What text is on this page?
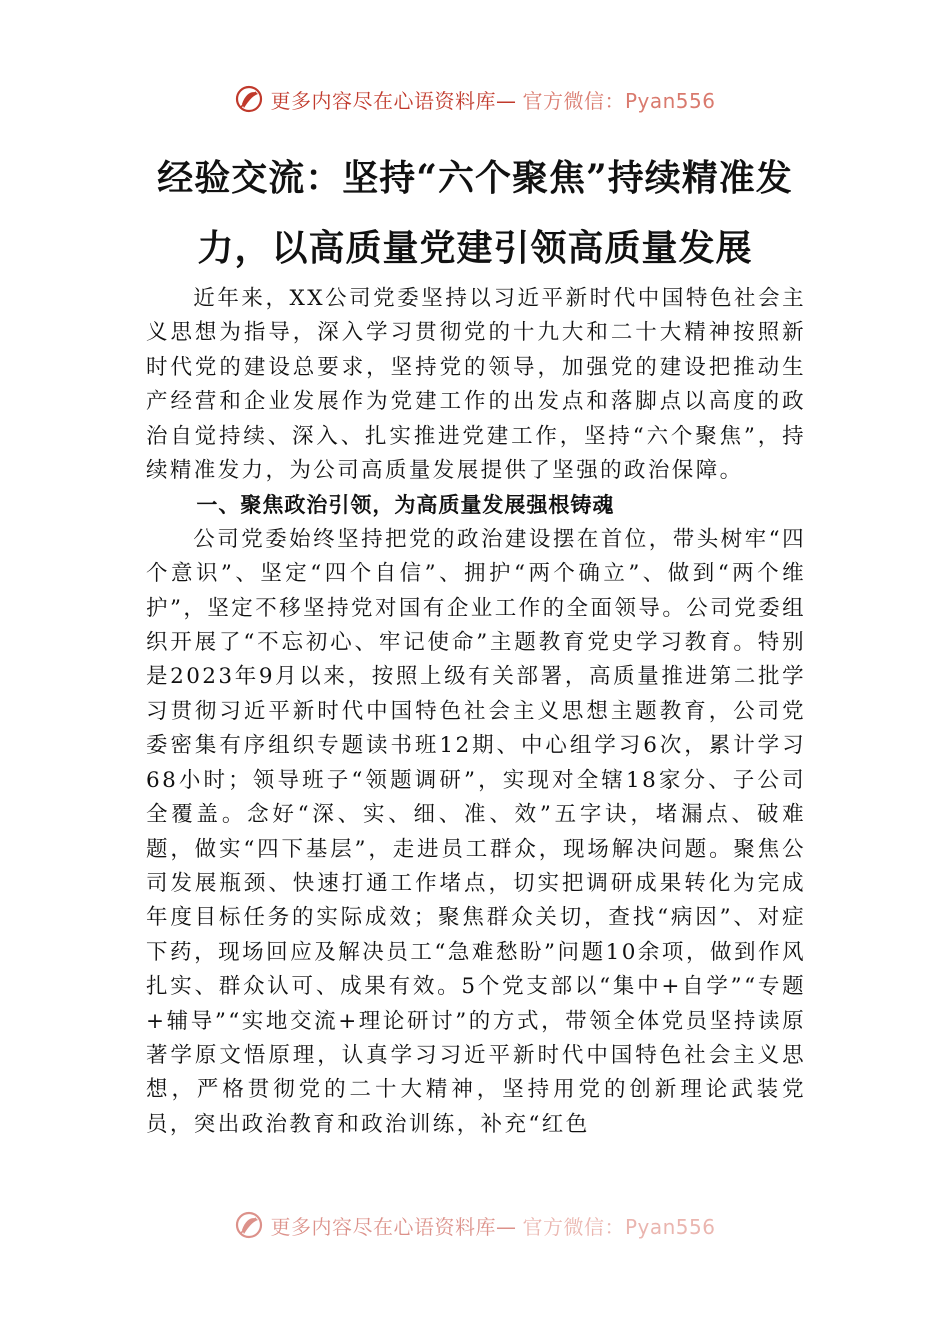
更多内容尽在心语资料库— 官方微信：Pyan556
经验交流：坚持“六个聚焦”持续精准发
力，以高质量党建引领高质量发展

近年来，XX公司党委坚持以习近平新时代中国特色社会主义思想为指导，深入学习贯彻党的十九大和二十大精神按照新时代党的建设总要求，坚持党的领导，加强党的建设把推动生产经营和企业发展作为党建工作的出发点和落脚点以高度的政治自觉持续、深入、扎实推进党建工作，坚持“六个聚焦”，持续精准发力，为公司高质量发展提供了坚强的政治保障。

一、聚焦政治引领，为高质量发展强根铸魂

公司党委始终坚持把党的政治建设摆在首位，带头树牢“四个意识”、坚定“四个自信”、拥护“两个确立”、做到“两个维护”，坚定不移坚持党对国有企业工作的全面领导。公司党委组织开展了“不忘初心、牢记使命”主题教育党史学习教育。特别是2023年9月以来，按照上级有关部署，高质量推进第二批学习贯彻习近平新时代中国特色社会主义思想主题教育，公司党委密集有序组织专题读书班12期、中心组学习6次，累计学习68小时；领导班子“领题调研”，实现对全辖18家分、子公司全覆盖。念好“深、实、细、准、效”五字诀，堵漏点、破难题，做实“四下基层”，走进员工群众，现场解决问题。聚焦公司发展瓶颈、快速打通工作堵点，切实把调研成果转化为完成年度目标任务的实际成效；聚焦群众关切，查找“病因”、对症下药，现场回应及解决员工“急难愁盼”问题10余项，做到作风扎实、群众认可、成果有效。5个党支部以“集中+自学”“专题+辅导”“实地交流+理论研讨”的方式，带领全体党员坚持读原著学原文悟原理，认真学习习近平新时代中国特色社会主义思想，严格贯彻党的二十大精神，坚持用党的创新理论武装党员，突出政治教育和政治训练，补充“红色

更多内容尽在心语资料库— 官方微信：Pyan556
